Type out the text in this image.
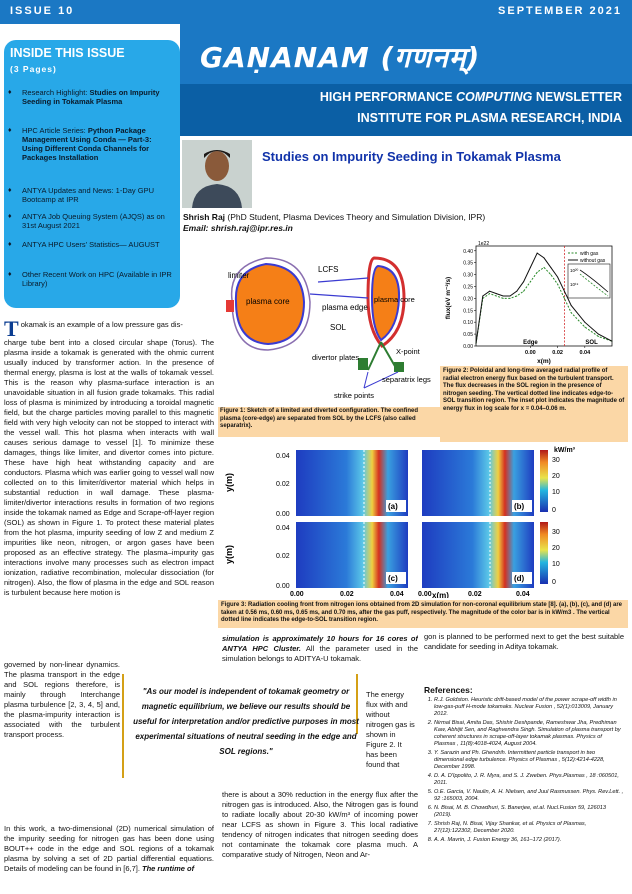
ISSUE 10	SEPTEMBER 2021
GAṆANAM (गणनम्)
HIGH PERFORMANCE COMPUTING NEWSLETTER
INSTITUTE FOR PLASMA RESEARCH, INDIA
INSIDE THIS ISSUE
(3 Pages)
♦	Research Highlight: Studies on Impurity Seeding in Tokamak Plasma
♦	HPC Article Series: Python Package Management Using Conda — Part-3: Using Different Conda Channels for Packages Installation
♦	ANTYA Updates and News: 1-Day GPU Bootcamp at IPR
♦	ANTYA Job Queuing System (AJQS) as on 31st August 2021
♦	ANTYA HPC Users' Statistics— AUGUST
♦	Other Recent Work on HPC (Available in IPR Library)
Studies on Impurity Seeding in Tokamak Plasma
Shrish Raj (PhD Student, Plasma Devices Theory and Simulation Division, IPR)
Email: shrish.raj@ipr.res.in
limiter
LCFS
plasma core	plasma core
plasma edge
SOL
X-point
divertor plates
separatrix legs
strike points
Figure 1: Sketch of a limited and diverted configuration. The confined plasma (core-edge) are separated from SOL by the LCFS (also called separatrix).
0.00
0.05
0.10
0.15
0.20
0.25
0.30
0.35
0.40
0.00	0.02	0.04
1e22
flux(eV m⁻²/s)
x(m)
with gas
without gas
Edge	SOL
10²⁰
10¹⁹
Figure 2: Poloidal and long-time averaged radial profile of radial electron energy flux based on the turbulent transport. The flux decreases in the SOL region in the presence of nitrogen seeding. The vertical dotted line indicates edge-to-SOL transition region. The inset plot indicates the magnitude of energy flux in log scale for x = 0.04–0.06 m.
y(m)
y(m)
(a)	(b)
(c)	(d)
0.04
0.02
0.00
0.04
0.02
0.00
0.00	0.02	0.04 0.00	0.02	0.04
x(m)
kW/m³
30
20
10
0
30
20
10
0
Figure 3: Radiation cooling front from nitrogen ions obtained from 2D simulation for non-coronal equilibrium state [8]. (a), (b), (c), and (d) are taken at 0.56 ms, 0.60 ms, 0.65 ms, and 0.70 ms, after the gas puff, respectively. The magnitude of the color bar is in kW/m3 . The vertical dotted line indicates the edge-to-SOL transition region.
Tokamak is an example of a low pressure gas dis-
charge tube bent into a closed circular shape (Torus). The plasma inside a tokamak is generated with the ohmic current usually induced by transformer action. In the presence of thermal energy, plasma is lost at the walls of tokamak vessel. This is the reason why plasma-surface interaction is an unavoidable situation in all fusion grade tokamaks. This radial loss of plasma is minimized by introducing a toroidal magnetic field, but the charge particles moving parallel to this magnetic field with very high velocity can not be stopped to interact with the vessel wall. This hot plasma when interacts with wall causes serious damage to vessel [1]. To minimize these damages, things like limiter, and divertor comes into picture. These have high heat withstanding capacity and are conductors. Plasma which was earlier going to vessel wall now collected on to this limiter/divertor material which helps in substantial reduction in wall damage. These plasma-limiter/divertor interactions results in formation of two regions inside the tokamak named as Edge and Scrape-off-layer region (SOL) as shown in Figure 1. To protect these material plates from the hot plasma, impurity seeding of low Z and medium Z impurities like neon, nitrogen, or argon gases have been proposed as an effective strategy. The plasma–impurity gas interactions involve many processes such as electron impact ionization, radiative recombination, molecular dissociation (for nitrogen). Also, the flow of plasma in the edge and SOL reason is turbulent because here motion is
governed by non-linear dynamics. The plasma transport in the edge and SOL regions therefore, is mainly through Interchange plasma turbulence [2, 3, 4, 5] and, the plasma-impurity interaction is associated with the turbulent transport process.
In this work, a two-dimensional (2D) numerical simulation of the impurity seeding for nitrogen gas has been done using BOUT++ code in the edge and SOL regions of a tokamak plasma by solving a set of 2D partial differential equations. Details of modeling can be found in [6,7]. The runtime of
simulation is approximately 10 hours for 16 cores of ANTYA HPC Cluster. All the parameter used in the simulation belongs to ADITYA-U tokamak.
"As our model is independent of tokamak geometry or magnetic equilibrium, we believe our results should be useful for interpretation and/or predictive purposes in most experimental situations of neutral seeding in the edge and SOL regions."
The energy flux with and without nitrogen gas is shown in Figure 2. It has been found that
there is about a 30% reduction in the energy flux after the nitrogen gas is introduced. Also, the Nitrogen gas is found to radiate locally about 20-30 kW/m³ of incoming power near LCFS as shown in Figure 3. This local radiative tendency of nitrogen indicates that nitrogen seeding does not contaminate the tokamak core plasma much. A comparative study of Nitrogen, Neon and Ar-
gon is planned to be performed next to get the best suitable candidate for seeding in Aditya tokamak.
References:
1. R.J. Goldston. Heuristic drift-based model of the power scrape-off width in low-gas-puff H-mode tokamaks. Nuclear Fusion , 52(1):013009, January 2012.
2. Nirmal Bisai, Amita Das, Shishir Deshpande, Rameshwar Jha, Predhiman Kaw, Abhijit Sen, and Raghvendra Singh. Simulation of plasma transport by coherent structures in scrape-off-layer tokamak plasmas. Physics of Plasmas , 11(8):4018-4024, August 2004.
3. Y. Sarazin and Ph. Ghendrih. Intermittent particle transport in two dimensional edge turbulence. Physics of Plasmas , 5(12):4214-4228, December 1998.
4. D. A. D'Ippolito, J. R. Myra, and S. J. Zweben. Phys.Plasmas , 18 :060501, 2011.
5. O.E. Garcia, V. Naulin, A. H. Nielsen, and Juul Rasmussen. Phys. Rev.Lett. , 92 :165003, 2004.
6. N. Bisai, M. B. Chowdhuri, S. Banerjee, et.al. Nucl.Fusion 59, 126013 (2019).
7. Shrish Raj, N. Bisai, Vijay Shankar, et al. Physics of Plasmas, 27(12):122302, December 2020.
8. A. A. Mavrin, J. Fusion Energy 36, 161–172 (2017).
